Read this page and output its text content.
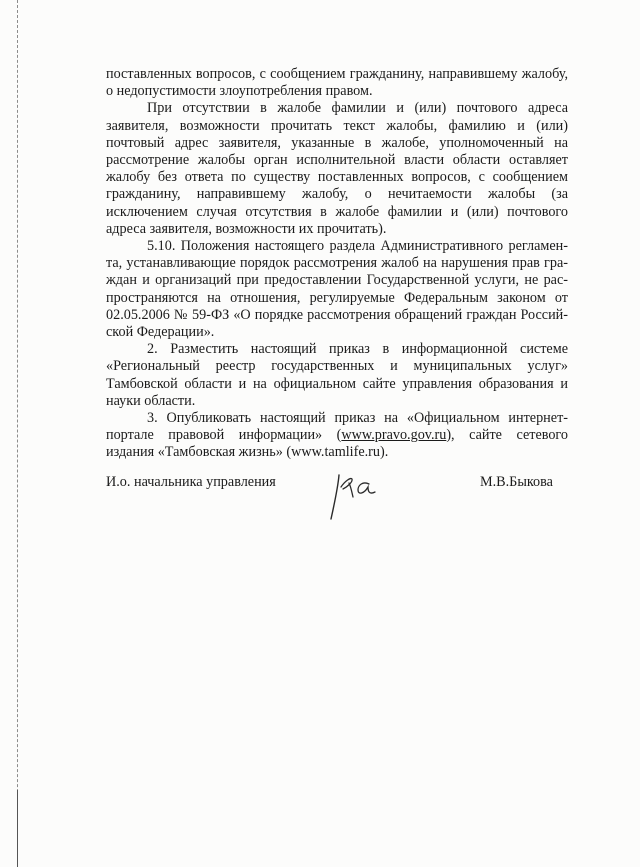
поставленных вопросов, с сообщением гражданину, направившему жалобу,
о недопустимости злоупотребления правом.
При отсутствии в жалобе фамилии и (или) почтового адреса
заявителя, возможности прочитать текст жалобы, фамилию и (или)
почтовый адрес заявителя, указанные в жалобе, уполномоченный на
рассмотрение жалобы орган исполнительной власти области оставляет
жалобу без ответа по существу поставленных вопросов, с сообщением
гражданину, направившему жалобу, о нечитаемости жалобы (за
исключением случая отсутствия в жалобе фамилии и (или) почтового
адреса заявителя, возможности их прочитать).
5.10. Положения настоящего раздела Административного регламен-
та, устанавливающие порядок рассмотрения жалоб на нарушения прав гра-
ждан и организаций при предоставлении Государственной услуги, не рас-
пространяются на отношения, регулируемые Федеральным законом от
02.05.2006 № 59-ФЗ «О порядке рассмотрения обращений граждан Россий-
ской Федерации».
2. Разместить настоящий приказ в информационной системе
«Региональный реестр государственных и муниципальных услуг»
Тамбовской области и на официальном сайте управления образования и
науки области.
3. Опубликовать настоящий приказ на «Официальном интернет-
портале правовой информации» (www.pravo.gov.ru), сайте сетевого
издания «Тамбовская жизнь» (www.tamlife.ru).
И.о. начальника управления	М.В.Быкова
